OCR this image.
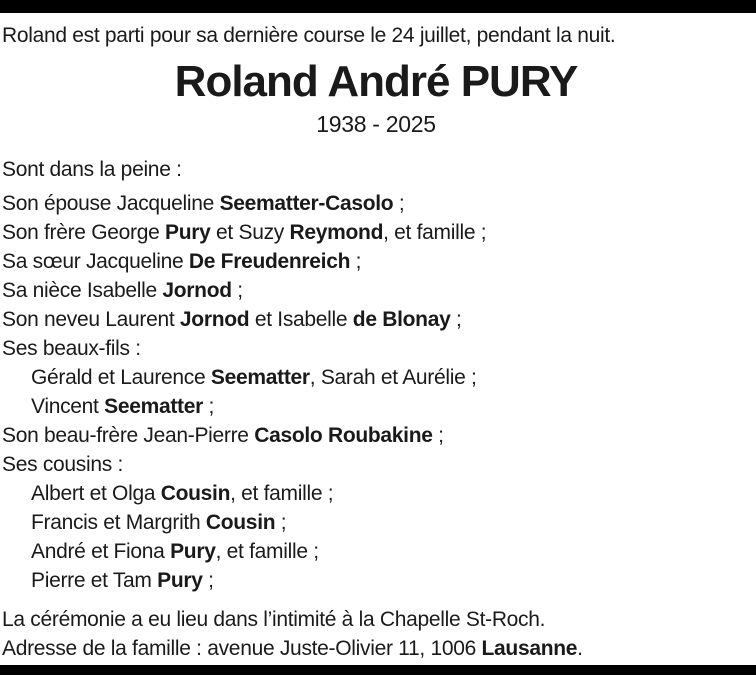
Roland est parti pour sa dernière course le 24 juillet, pendant la nuit.
Roland André PURY
1938 - 2025
Sont dans la peine :
Son épouse Jacqueline Seematter-Casolo ;
Son frère George Pury et Suzy Reymond, et famille ;
Sa sœur Jacqueline De Freudenreich ;
Sa nièce Isabelle Jornod ;
Son neveu Laurent Jornod et Isabelle de Blonay ;
Ses beaux-fils :
Gérald et Laurence Seematter, Sarah et Aurélie ;
Vincent Seematter ;
Son beau-frère Jean-Pierre Casolo Roubakine ;
Ses cousins :
Albert et Olga Cousin, et famille ;
Francis et Margrith Cousin ;
André et Fiona Pury, et famille ;
Pierre et Tam Pury ;
La cérémonie a eu lieu dans l’intimité à la Chapelle St-Roch.
Adresse de la famille : avenue Juste-Olivier 11, 1006 Lausanne.
